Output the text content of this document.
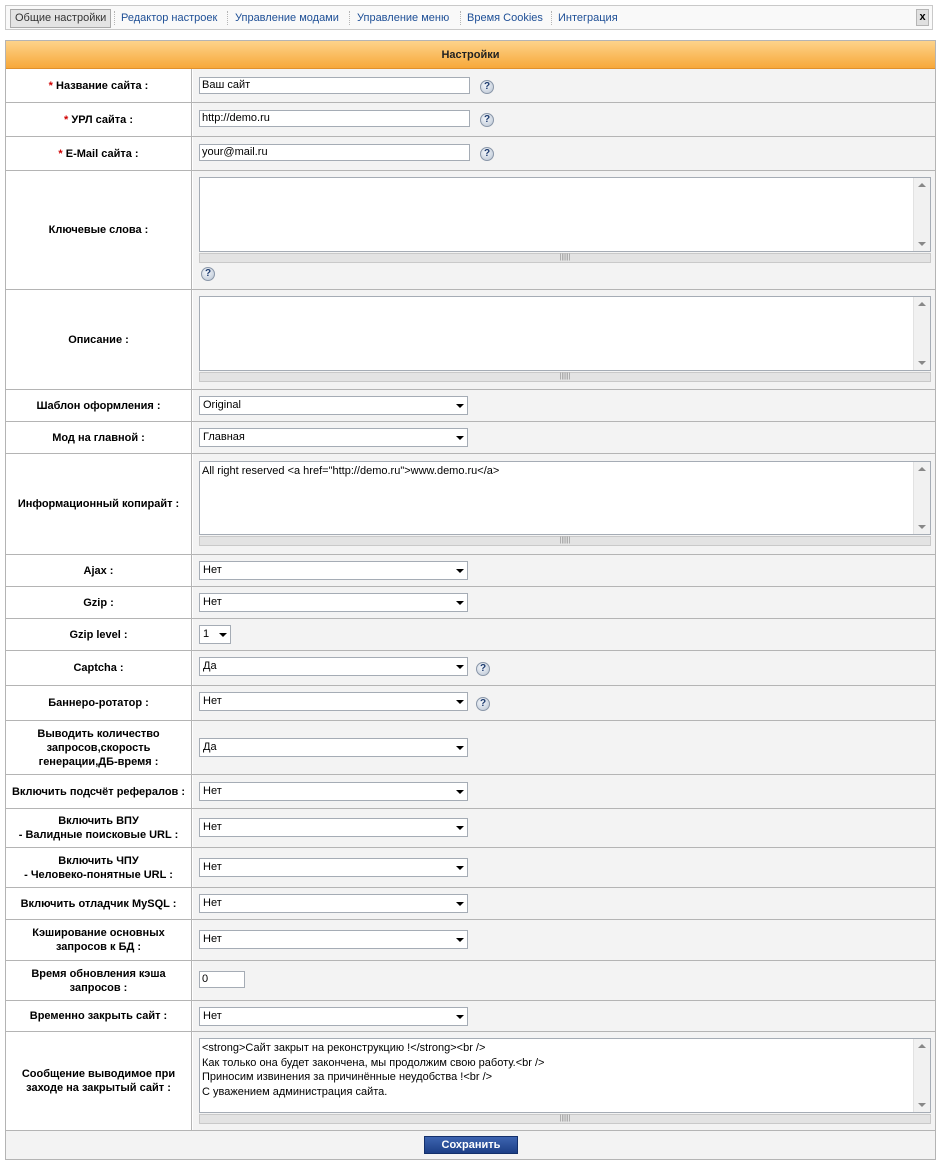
Общие настройки	Редактор настроек Управление модами Управление меню Время Cookies Интеграция	x
Настройки
* Название сайта :	Ваш сайт	?
* УРЛ сайта :	http://demo.ru	?
* E-Mail сайта :	your@mail.ru	?
Ключевые слова :
||||||
?
Описание :
||||||
Шаблон оформления :	Original
Мод на главной :	Главная
Информационный копирайт :
All right reserved <a href="http://demo.ru">www.demo.ru</a>
||||||
Ajax :	Нет
Gzip :	Нет
Gzip level :	1
Captcha :	Да	?
Баннеро-ротатор :	Нет	?
Выводить количество запросов,скорость генерации,ДБ-время :
Да
Включить подсчёт рефералов :	Нет
Включить ВПУ
- Валидные поисковые URL :
Нет
Включить ЧПУ
- Человеко-понятные URL :
Нет
Включить отладчик MySQL :	Нет
Кэширование основных запросов к БД :
Нет
Время обновления кэша запросов :
0
Временно закрыть сайт :	Нет
Сообщение выводимое при заходе на закрытый сайт :
<strong>Сайт закрыт на реконструкцию !</strong><br />
Как только она будет закончена, мы продолжим свою работу.<br />
Приносим извинения за причинённые неудобства !<br />
С уважением администрация сайта.
||||||
Сохранить
